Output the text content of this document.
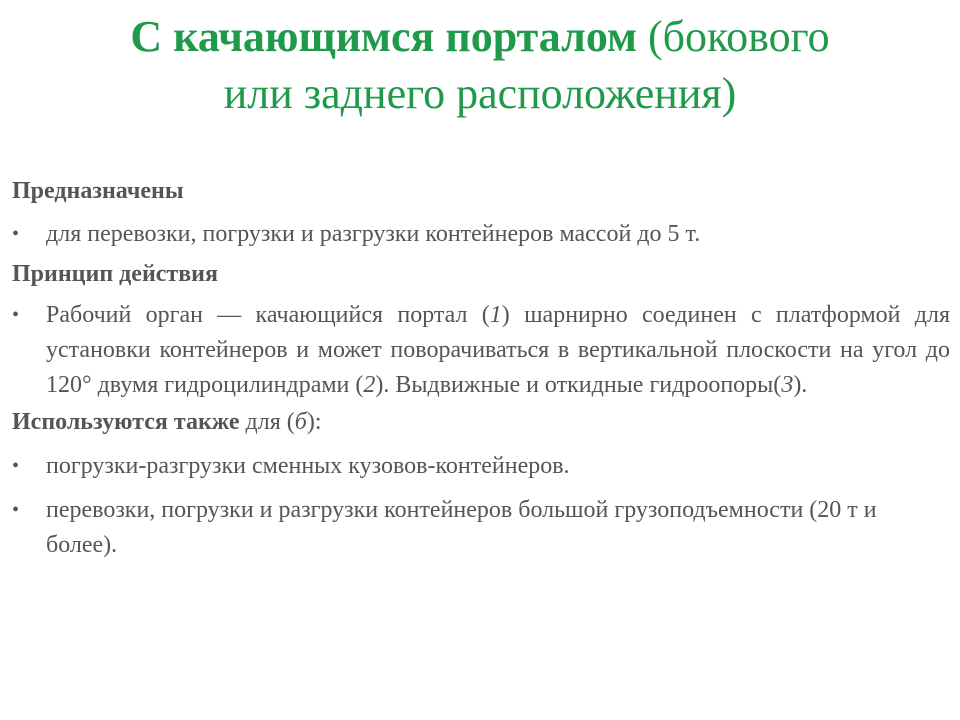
С качающимся порталом (бокового
или заднего расположения)

Предназначены

• для перевозки, погрузки и разгрузки контейнеров массой до 5 т.

Принцип действия

• Рабочий орган — качающийся портал (1) шарнирно соединен с платформой для установки контейнеров и может поворачиваться в вертикальной плоскости на угол до 120° двумя гидроцилиндрами (2). Выдвижные и откидные гидроопоры(3).

Используются также для (б):

• погрузки-разгрузки сменных кузовов-контейнеров.

• перевозки, погрузки и разгрузки контейнеров большой грузоподъемности (20 т и более).
